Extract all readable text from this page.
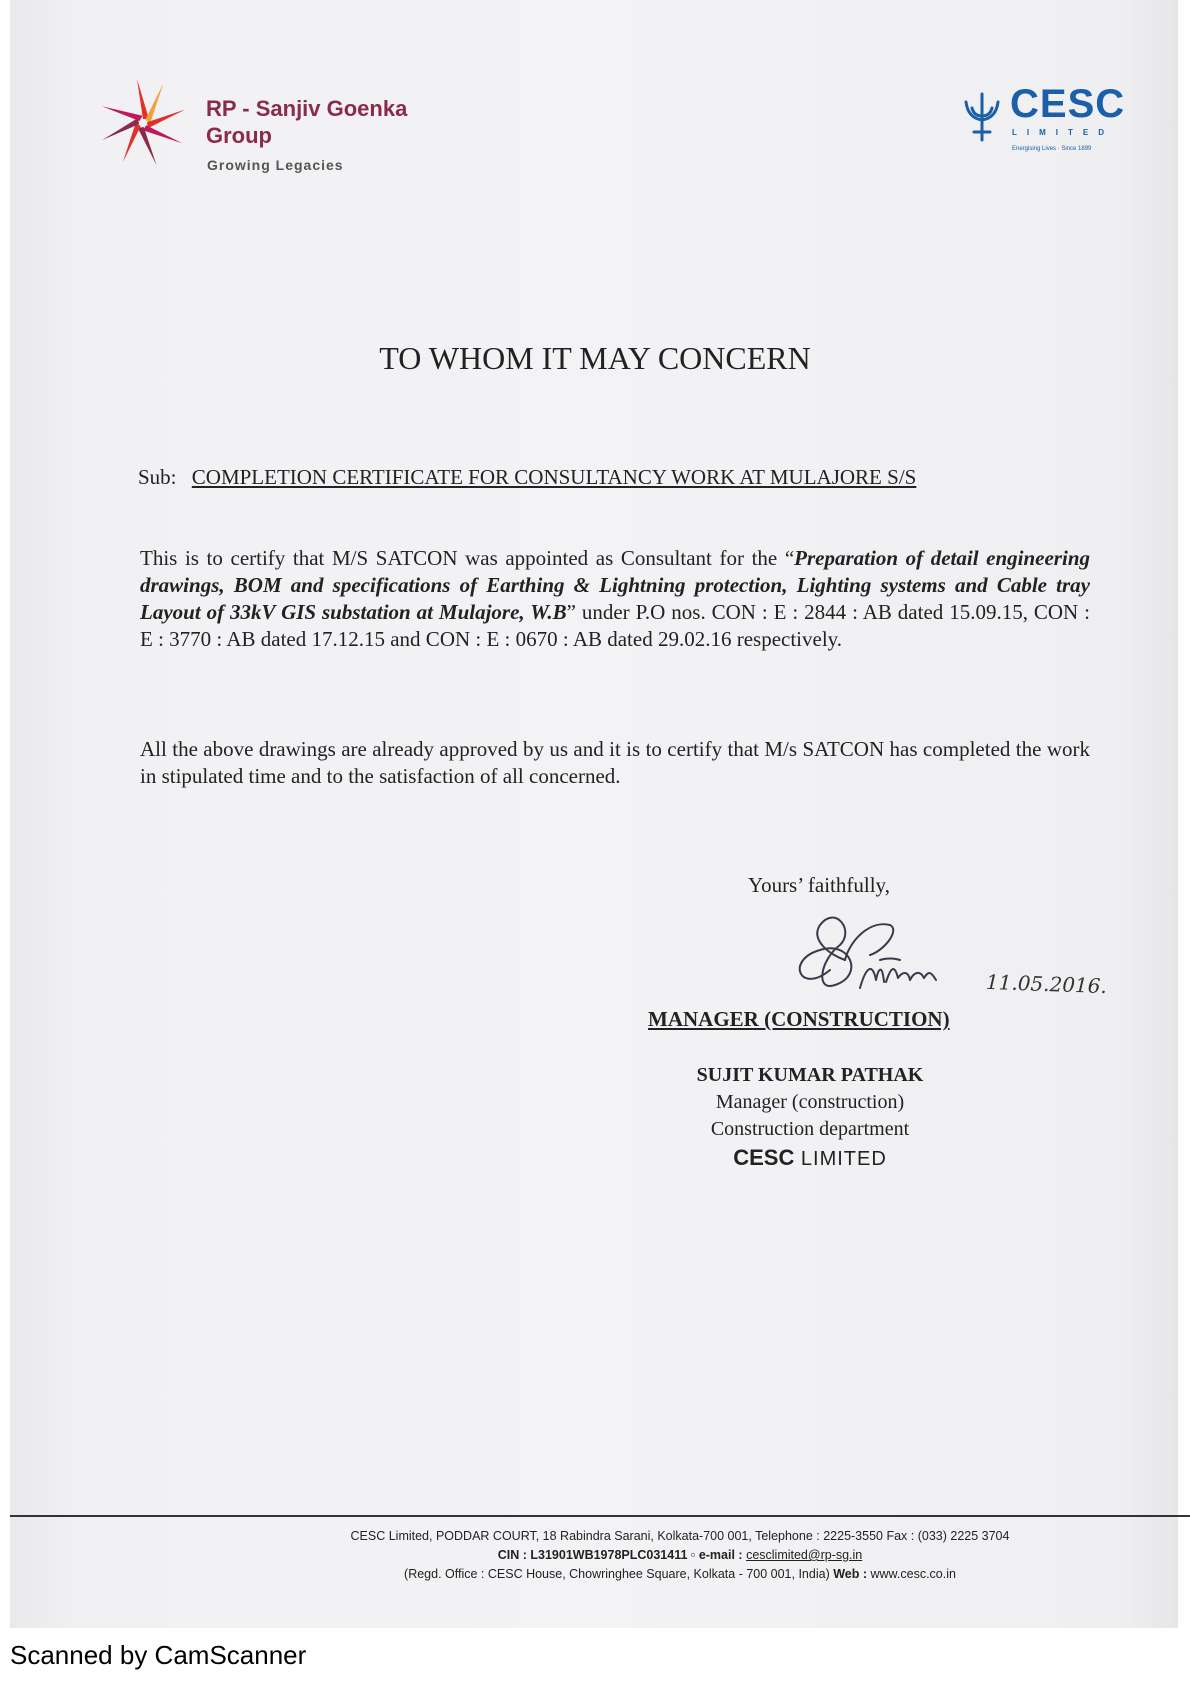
RP - Sanjiv Goenka
Group
Growing Legacies
CESC
LIMITED
Energising Lives · Since 1899
TO WHOM IT MAY CONCERN
Sub: COMPLETION CERTIFICATE FOR CONSULTANCY WORK AT MULAJORE S/S
This is to certify that M/S SATCON was appointed as Consultant for the “Preparation of detail engineering drawings, BOM and specifications of Earthing & Lightning protection, Lighting systems and Cable tray Layout of 33kV GIS substation at Mulajore, W.B” under P.O nos. CON : E : 2844 : AB dated 15.09.15, CON : E : 3770 : AB dated 17.12.15 and CON : E : 0670 : AB dated 29.02.16 respectively.
All the above drawings are already approved by us and it is to certify that M/s SATCON has completed the work in stipulated time and to the satisfaction of all concerned.
Yours’ faithfully,
11.05.2016.
MANAGER (CONSTRUCTION)
SUJIT KUMAR PATHAK
Manager (construction)
Construction department
CESC LIMITED
CESC Limited, PODDAR COURT, 18 Rabindra Sarani, Kolkata-700 001, Telephone : 2225-3550 Fax : (033) 2225 3704
CIN : L31901WB1978PLC031411 ▫ e-mail : cesclimited@rp-sg.in
(Regd. Office : CESC House, Chowringhee Square, Kolkata - 700 001, India) Web : www.cesc.co.in
Scanned by CamScanner
